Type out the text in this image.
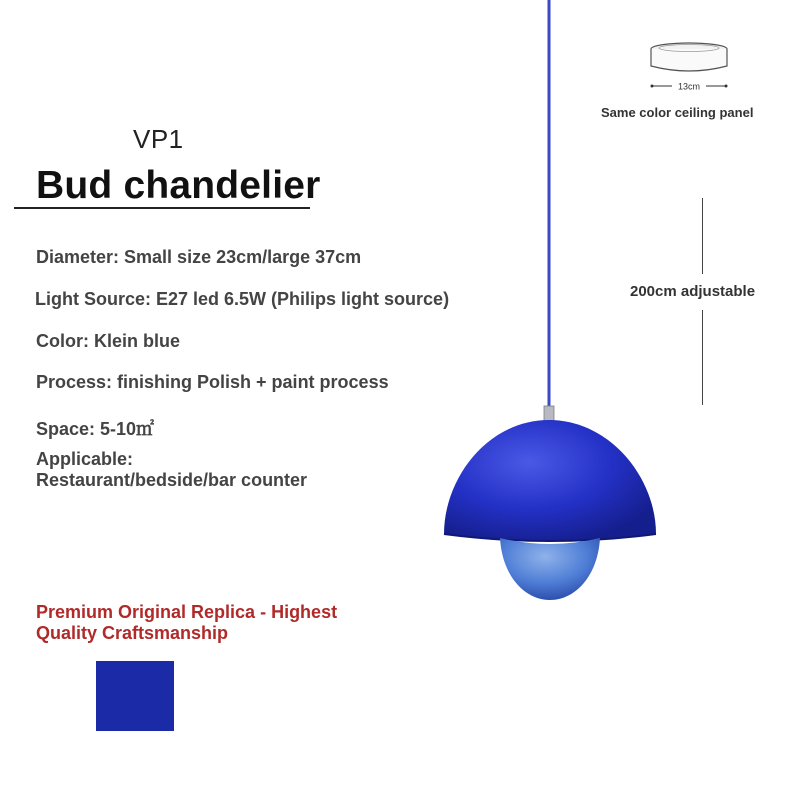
VP1
Bud chandelier
Diameter: Small size 23cm/large 37cm
Light Source: E27 led 6.5W (Philips light source)
Color: Klein blue
Process: finishing Polish + paint process
Space: 5-10㎡
Applicable:
Restaurant/bedside/bar counter
Premium Original Replica - Highest
Quality Craftsmanship
13cm
Same color ceiling panel
200cm adjustable
